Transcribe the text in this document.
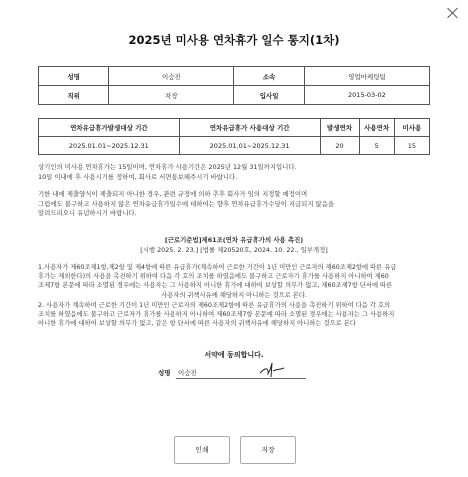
2025년 미사용 연차휴가 일수 통지(1차)
성명	이승진	소속	영업마케팅팀
직위	차장	입사일	2015-03-02
연차유급휴가발생대상 기간	연차유급휴가 사용대상 기간	발생연차	사용연차	미사용
2025.01.01~2025.12.31	2025.01.01~2025.12.31	20	5	15
상기인의 미사용 연차휴가는 15일이며, 연차휴가 사용기간은 2025년 12월 31일까지입니다.
10일 이내에 후 사용시기를 정하여, 회사로 서면통보해주시기 바랍니다.
기한 내에 제출양식이 제출되지 아니한 경우, 관련 규정에 의하 추후 회사가 임의 지정할 예정이며
그럼에도 불구하고 사용하지 않은 연차유급휴가일수에 대하여는 향후 연차유급휴가수당이 지급되지 않음을
알려드리오니 유념하시기 바랍니다.
[근로기준법]제61조(연차 유급휴가의 사용 촉진)
[시행 2025. 2. 23.] [법률 제20520호, 2024. 10. 22., 일부개정]
1.사용자가 제60조제1항,제2항 및 제4항에 따른 유급휴가(계속하여 근로한 기간이 1년 미만인 근로자의 제60조제2항에 따른 유급
휴가는 제외한다)의 사용을 촉진하기 위하여 다음 각 호의 조치를 하였음에도 불구하고 근로자가 휴가를 사용하지 아니하여 제60
조제7항 본문에 따라 소멸된 경우에는 사용자는 그 사용하지 아니한 휴가에 대하여 보상할 의무가 없고, 제60조제7항 단서에 따른
사용자의 귀책사유에 해당하지 아니하는 것으로 본다.
2. 사용자가 계속하여 근로한 기간이 1년 미만인 근로자의 제60조제2항에 따른 유급휴가의 사용을 촉진하기 위하여 다음 각 호의
조치를 하였음에도 불구하고 근로자가 휴가를 사용하지 아니하여 제60조제7항 본문에 따라 소멸된 경우에는 사용자는 그 사용하지
아니한 휴가에 대하여 보상할 의무가 없고, 같은 항 단서에 따른 사용자의 귀책사유에 해당하지 아니하는 것으로 본다
서약에 동의합니다.
성명 이승진
인쇄	저장
